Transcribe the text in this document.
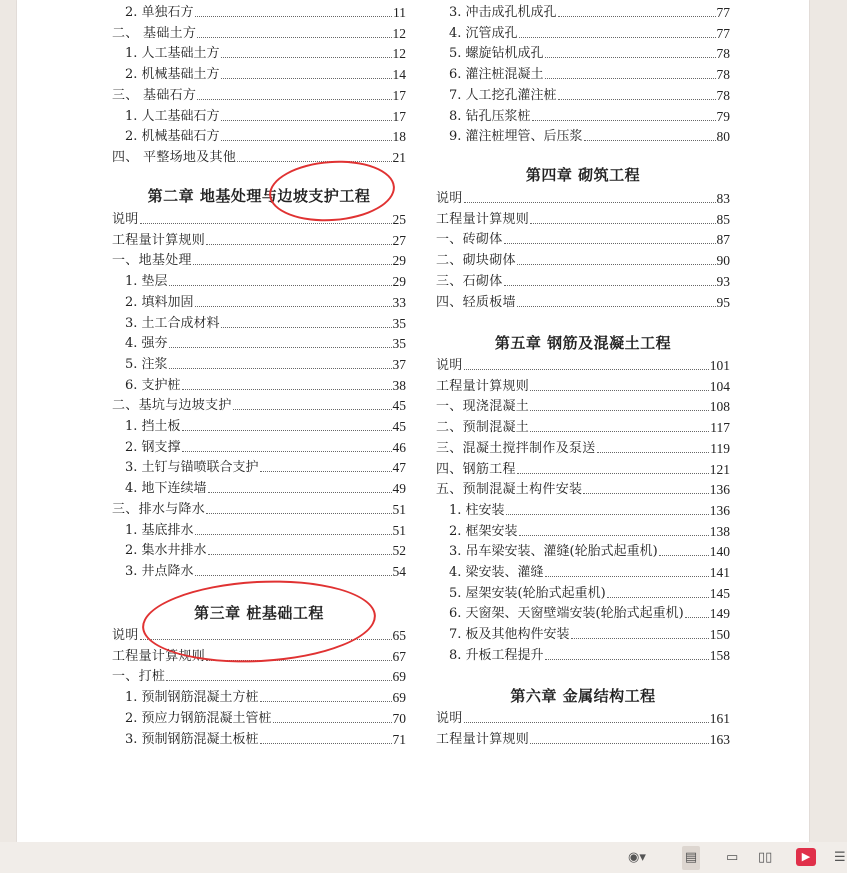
2. 单独石方	11
二、 基础土方	12
1. 人工基础土方	12
2. 机械基础土方	14
三、 基础石方	17
1. 人工基础石方	17
2. 机械基础石方	18
四、 平整场地及其他	21
第二章 地基处理与边坡支护工程
说明	25
工程量计算规则	27
一、地基处理	29
1. 垫层	29
2. 填料加固	33
3. 土工合成材料	35
4. 强夯	35
5. 注浆	37
6. 支护桩	38
二、基坑与边坡支护	45
1. 挡土板	45
2. 钢支撑	46
3. 土钉与锚喷联合支护	47
4. 地下连续墙	49
三、排水与降水	51
1. 基底排水	51
2. 集水井排水	52
3. 井点降水	54
第三章 桩基础工程
说明	65
工程量计算规则	67
一、打桩	69
1. 预制钢筋混凝土方桩	69
2. 预应力钢筋混凝土管桩	70
3. 预制钢筋混凝土板桩	71
3. 冲击成孔机成孔	77
4. 沉管成孔	77
5. 螺旋钻机成孔	78
6. 灌注桩混凝土	78
7. 人工挖孔灌注桩	78
8. 钻孔压浆桩	79
9. 灌注桩埋管、后压浆	80
第四章 砌筑工程
说明	83
工程量计算规则	85
一、砖砌体	87
二、砌块砌体	90
三、石砌体	93
四、轻质板墙	95
第五章 钢筋及混凝土工程
说明	101
工程量计算规则	104
一、现浇混凝土	108
二、预制混凝土	117
三、混凝土搅拌制作及泵送	119
四、钢筋工程	121
五、预制混凝土构件安装	136
1. 柱安装	136
2. 框架安装	138
3. 吊车梁安装、灌缝(轮胎式起重机)	140
4. 梁安装、灌缝	141
5. 屋架安装(轮胎式起重机)	145
6. 天窗架、天窗壁端安装(轮胎式起重机) 149
7. 板及其他构件安装	150
8. 升板工程提升	158
第六章 金属结构工程
说明	161
工程量计算规则	163
◉▾	▤ ▭ ▯▯	▶	☰
